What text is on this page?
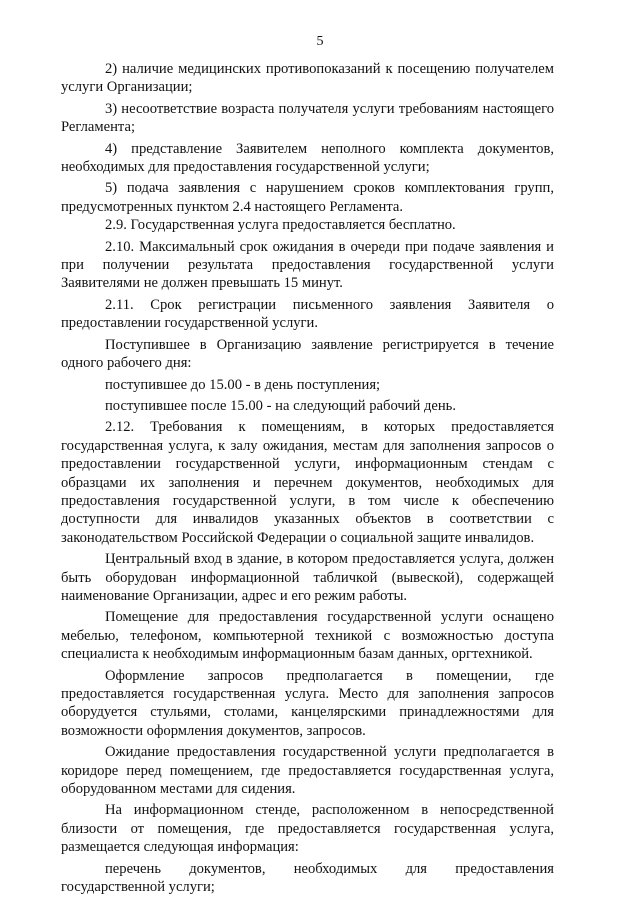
5

2) наличие медицинских противопоказаний к посещению получателем услуги Организации;

3) несоответствие возраста получателя услуги требованиям настоящего Регламента;

4) представление Заявителем неполного комплекта документов, необходимых для предоставления государственной услуги;

5) подача заявления с нарушением сроков комплектования групп, предусмотренных пунктом 2.4 настоящего Регламента.

2.9. Государственная услуга предоставляется бесплатно.

2.10. Максимальный срок ожидания в очереди при подаче заявления и при получении результата предоставления государственной услуги Заявителями не должен превышать 15 минут.

2.11. Срок регистрации письменного заявления Заявителя о предоставлении государственной услуги.

Поступившее в Организацию заявление регистрируется в течение одного рабочего дня:

поступившее до 15.00 - в день поступления;

поступившее после 15.00 - на следующий рабочий день.

2.12. Требования к помещениям, в которых предоставляется государственная услуга, к залу ожидания, местам для заполнения запросов о предоставлении государственной услуги, информационным стендам с образцами их заполнения и перечнем документов, необходимых для предоставления государственной услуги, в том числе к обеспечению доступности для инвалидов указанных объектов в соответствии с законодательством Российской Федерации о социальной защите инвалидов.

Центральный вход в здание, в котором предоставляется услуга, должен быть оборудован информационной табличкой (вывеской), содержащей наименование Организации, адрес и его режим работы.

Помещение для предоставления государственной услуги оснащено мебелью, телефоном, компьютерной техникой с возможностью доступа специалиста к необходимым информационным базам данных, оргтехникой.

Оформление запросов предполагается в помещении, где предоставляется государственная услуга. Место для заполнения запросов оборудуется стульями, столами, канцелярскими принадлежностями для возможности оформления документов, запросов.

Ожидание предоставления государственной услуги предполагается в коридоре перед помещением, где предоставляется государственная услуга, оборудованном местами для сидения.

На информационном стенде, расположенном в непосредственной близости от помещения, где предоставляется государственная услуга, размещается следующая информация:

перечень документов, необходимых для предоставления государственной услуги;
